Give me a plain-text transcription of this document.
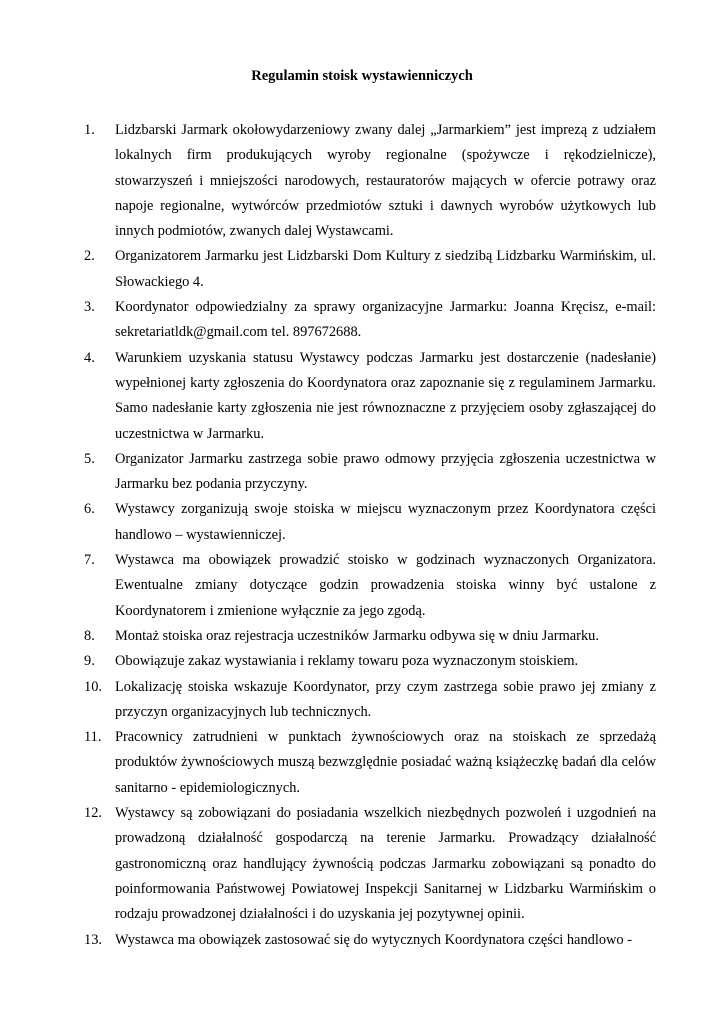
Regulamin stoisk wystawienniczych
1.	Lidzbarski Jarmark okołowydarzeniowy zwany dalej „Jarmarkiem” jest imprezą z udziałem lokalnych firm produkujących wyroby regionalne (spożywcze i rękodzielnicze), stowarzyszeń i mniejszości narodowych, restauratorów mających w ofercie potrawy oraz napoje regionalne, wytwórców przedmiotów sztuki i dawnych wyrobów użytkowych lub innych podmiotów, zwanych dalej Wystawcami.
2.	Organizatorem Jarmarku jest Lidzbarski Dom Kultury z siedzibą Lidzbarku Warmińskim, ul. Słowackiego 4.
3.	Koordynator odpowiedzialny za sprawy organizacyjne Jarmarku: Joanna Kręcisz, e-mail: sekretariatldk@gmail.com tel. 897672688.
4.	Warunkiem uzyskania statusu Wystawcy podczas Jarmarku jest dostarczenie (nadesłanie) wypełnionej karty zgłoszenia do Koordynatora oraz zapoznanie się z regulaminem Jarmarku. Samo nadesłanie karty zgłoszenia nie jest równoznaczne z przyjęciem osoby zgłaszającej do uczestnictwa w Jarmarku.
5.	Organizator Jarmarku zastrzega sobie prawo odmowy przyjęcia zgłoszenia uczestnictwa w Jarmarku bez podania przyczyny.
6.	Wystawcy zorganizują swoje stoiska w miejscu wyznaczonym przez Koordynatora części handlowo – wystawienniczej.
7.	Wystawca ma obowiązek prowadzić stoisko w godzinach wyznaczonych Organizatora. Ewentualne zmiany dotyczące godzin prowadzenia stoiska winny być ustalone z Koordynatorem i zmienione wyłącznie za jego zgodą.
8.	Montaż stoiska oraz rejestracja uczestników Jarmarku odbywa się w dniu Jarmarku.
9.	Obowiązuje zakaz wystawiania i reklamy towaru poza wyznaczonym stoiskiem.
10. Lokalizację stoiska wskazuje Koordynator, przy czym zastrzega sobie prawo jej zmiany z przyczyn organizacyjnych lub technicznych.
11. Pracownicy zatrudnieni w punktach żywnościowych oraz na stoiskach ze sprzedażą produktów żywnościowych muszą bezwzględnie posiadać ważną książeczkę badań dla celów sanitarno - epidemiologicznych.
12. Wystawcy są zobowiązani do posiadania wszelkich niezbędnych pozwoleń i uzgodnień na prowadzoną działalność gospodarczą na terenie Jarmarku. Prowadzący działalność gastronomiczną oraz handlujący żywnością podczas Jarmarku zobowiązani są ponadto do poinformowania Państwowej Powiatowej Inspekcji Sanitarnej w Lidzbarku Warmińskim o rodzaju prowadzonej działalności i do uzyskania jej pozytywnej opinii.
13. Wystawca ma obowiązek zastosować się do wytycznych Koordynatora części handlowo -
